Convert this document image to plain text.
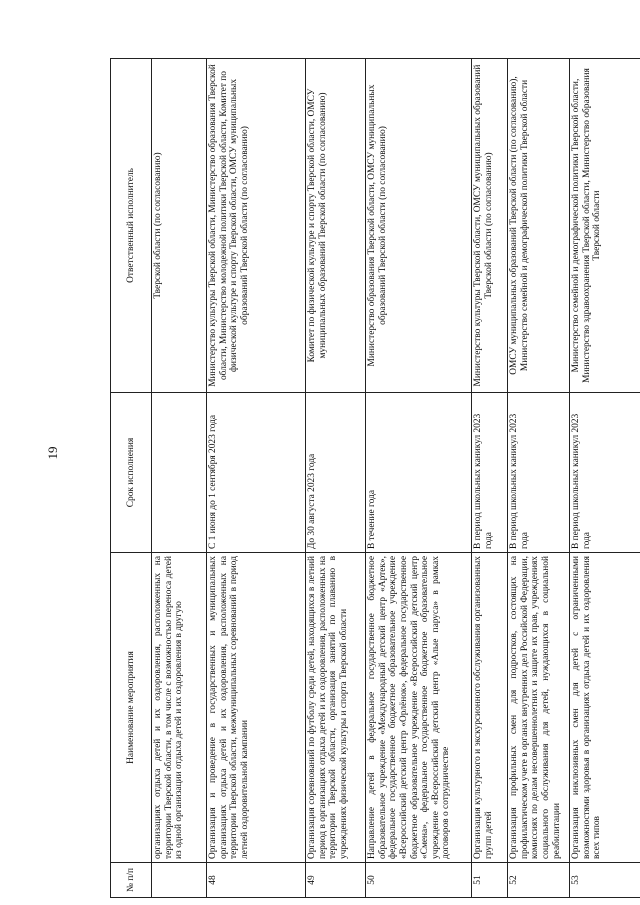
19
№ п/п
Наименование мероприятия
Срок исполнения
Ответственный исполнитель
организациях отдыха детей и их оздоровления, расположенных на территории Тверской области, в том числе с возможностью переноса детей из одной организации отдыха детей и их оздоровления в другую
Тверской области (по согласованию)
48
Организация и проведение в государственных и муниципальных организациях отдыха детей и их оздоровления, расположенных на территории Тверской области, межмуниципальных соревнований в период летней оздоровительной кампании
С 1 июня до 1 сентября 2023 года
Министерство культуры Тверской области, Министерство образования Тверской области, Министерство молодежной политики Тверской области, Комитет по физической культуре и спорту Тверской области, ОМСУ муниципальных образований Тверской области (по согласованию)
49
Организация соревнований по футболу среди детей, находящихся в летний период в организациях отдыха детей и их оздоровления, расположенных на территории Тверской области, организация занятий по плаванию в учреждениях физической культуры и спорта Тверской области
До 30 августа 2023 года
Комитет по физической культуре и спорту Тверской области, ОМСУ муниципальных образований Тверской области (по согласованию)
50
Направление детей в федеральное государственное бюджетное образовательное учреждение «Международный детский центр «Артек», федеральное государственное бюджетное образовательное учреждение «Всероссийский детский центр «Орлёнок», федеральное государственное бюджетное образовательное учреждение «Всероссийский детский центр «Смена», федеральное государственное бюджетное образовательное учреждение «Всероссийский детский центр «Алые паруса» в рамках договоров о сотрудничестве
В течение года
Министерство образования Тверской области, ОМСУ муниципальных образований Тверской области (по согласованию)
51
Организация культурного и экскурсионного обслуживания организованных групп детей
В период школьных каникул 2023 года
Министерство культуры Тверской области, ОМСУ муниципальных образований Тверской области (по согласованию)
52
Организация профильных смен для подростков, состоящих на профилактическом учете в органах внутренних дел Российской Федерации, комиссиях по делам несовершеннолетних и защите их прав, учреждениях социального обслуживания для детей, нуждающихся в социальной реабилитации
В период школьных каникул 2023 года
ОМСУ муниципальных образований Тверской области (по согласованию), Министерство семейной и демографической политики Тверской области
53
Организация инклюзивных смен для детей с ограниченными возможностями здоровья в организациях отдыха детей и их оздоровления всех типов
В период школьных каникул 2023 года
Министерство семейной и демографической политики Тверской области, Министерство здравоохранения Тверской области, Министерство образования Тверской области
